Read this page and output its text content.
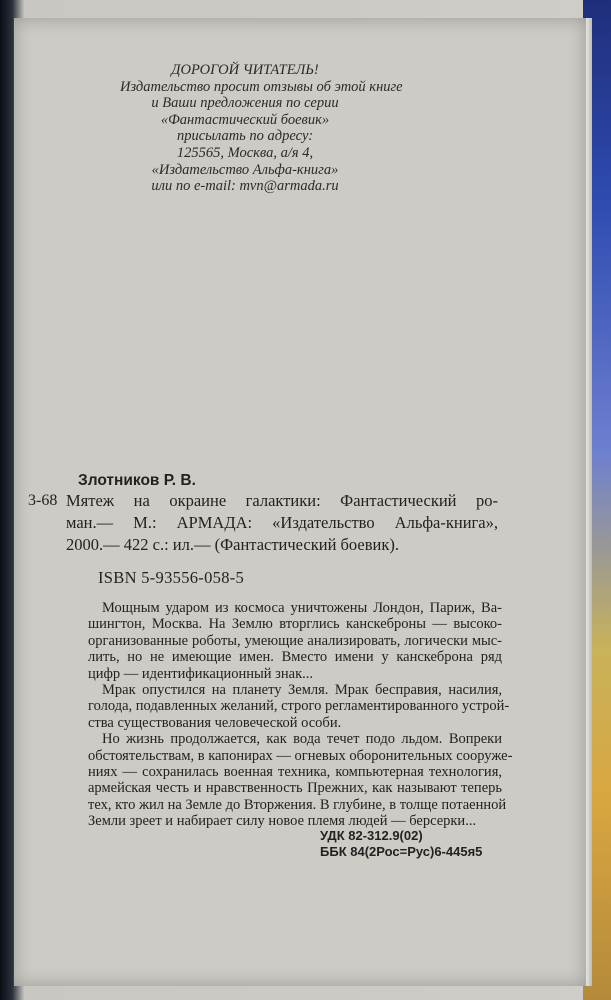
ДОРОГОЙ ЧИТАТЕЛЬ!
Издательство просит отзывы об этой книге
и Ваши предложения по серии
«Фантастический боевик»
присылать по адресу:
125565, Москва, а/я 4,
«Издательство Альфа-книга»
или по e-mail: mvn@armada.ru
Злотников Р. В.
3-68 Мятеж на окраине галактики: Фантастический ро-
ман.— М.: АРМАДА: «Издательство Альфа-книга»,
2000.— 422 с.: ил.— (Фантастический боевик).
ISBN 5-93556-058-5
Мощным ударом из космоса уничтожены Лондон, Париж, Ва-
шингтон, Москва. На Землю вторглись канскеброны — высоко-
организованные роботы, умеющие анализировать, логически мыс-
лить, но не имеющие имен. Вместо имени у канскеброна ряд
цифр — идентификационный знак...
Мрак опустился на планету Земля. Мрак бесправия, насилия,
голода, подавленных желаний, строго регламентированного устрой-
ства существования человеческой особи.
Но жизнь продолжается, как вода течет подо льдом. Вопреки
обстоятельствам, в капонирах — огневых оборонительных сооруже-
ниях — сохранилась военная техника, компьютерная технология,
армейская честь и нравственность Прежних, как называют теперь
тех, кто жил на Земле до Вторжения. В глубине, в толще потаенной
Земли зреет и набирает силу новое племя людей — берсерки...
УДК 82-312.9(02)
ББК 84(2Рос=Рус)6-445я5
